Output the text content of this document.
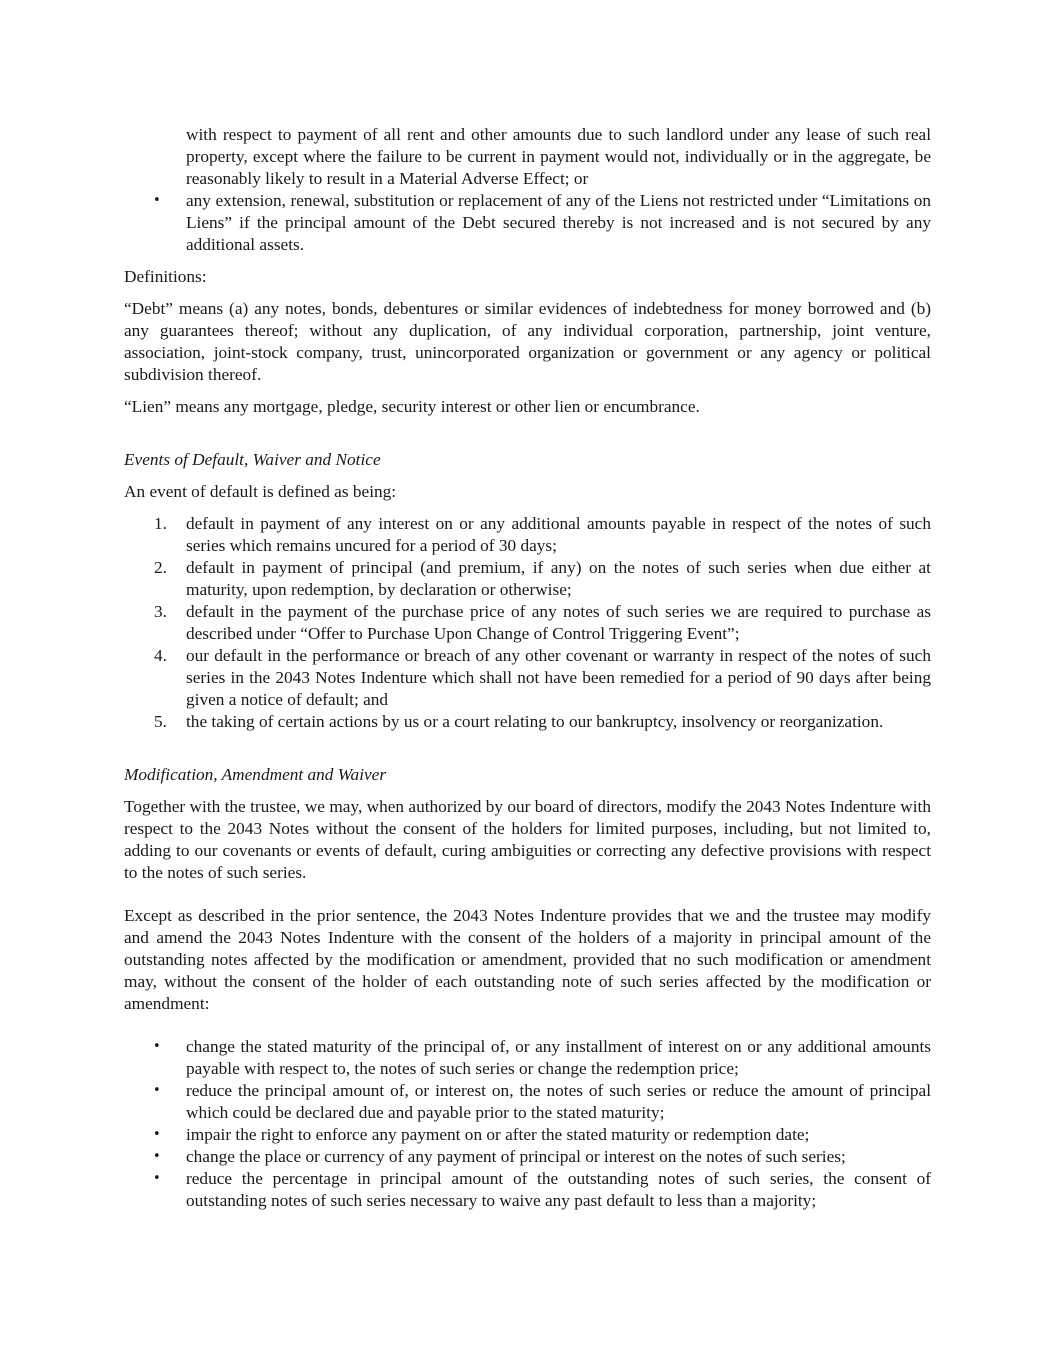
with respect to payment of all rent and other amounts due to such landlord under any lease of such real property, except where the failure to be current in payment would not, individually or in the aggregate, be reasonably likely to result in a Material Adverse Effect; or

•	any extension, renewal, substitution or replacement of any of the Liens not restricted under “Limitations on Liens” if the principal amount of the Debt secured thereby is not increased and is not secured by any additional assets.

Definitions:

“Debt” means (a) any notes, bonds, debentures or similar evidences of indebtedness for money borrowed and (b) any guarantees thereof; without any duplication, of any individual corporation, partnership, joint venture, association, joint-stock company, trust, unincorporated organization or government or any agency or political subdivision thereof.

“Lien” means any mortgage, pledge, security interest or other lien or encumbrance.

Events of Default, Waiver and Notice

An event of default is defined as being:

1.	default in payment of any interest on or any additional amounts payable in respect of the notes of such series which remains uncured for a period of 30 days;
2.	default in payment of principal (and premium, if any) on the notes of such series when due either at maturity, upon redemption, by declaration or otherwise;
3.	default in the payment of the purchase price of any notes of such series we are required to purchase as described under “Offer to Purchase Upon Change of Control Triggering Event”;
4.	our default in the performance or breach of any other covenant or warranty in respect of the notes of such series in the 2043 Notes Indenture which shall not have been remedied for a period of 90 days after being given a notice of default; and
5.	the taking of certain actions by us or a court relating to our bankruptcy, insolvency or reorganization.

Modification, Amendment and Waiver

Together with the trustee, we may, when authorized by our board of directors, modify the 2043 Notes Indenture with respect to the 2043 Notes without the consent of the holders for limited purposes, including, but not limited to, adding to our covenants or events of default, curing ambiguities or correcting any defective provisions with respect to the notes of such series.

Except as described in the prior sentence, the 2043 Notes Indenture provides that we and the trustee may modify and amend the 2043 Notes Indenture with the consent of the holders of a majority in principal amount of the outstanding notes affected by the modification or amendment, provided that no such modification or amendment may, without the consent of the holder of each outstanding note of such series affected by the modification or amendment:

•	change the stated maturity of the principal of, or any installment of interest on or any additional amounts payable with respect to, the notes of such series or change the redemption price;
•	reduce the principal amount of, or interest on, the notes of such series or reduce the amount of principal which could be declared due and payable prior to the stated maturity;
•	impair the right to enforce any payment on or after the stated maturity or redemption date;
•	change the place or currency of any payment of principal or interest on the notes of such series;
•	reduce the percentage in principal amount of the outstanding notes of such series, the consent of outstanding notes of such series necessary to waive any past default to less than a majority;
